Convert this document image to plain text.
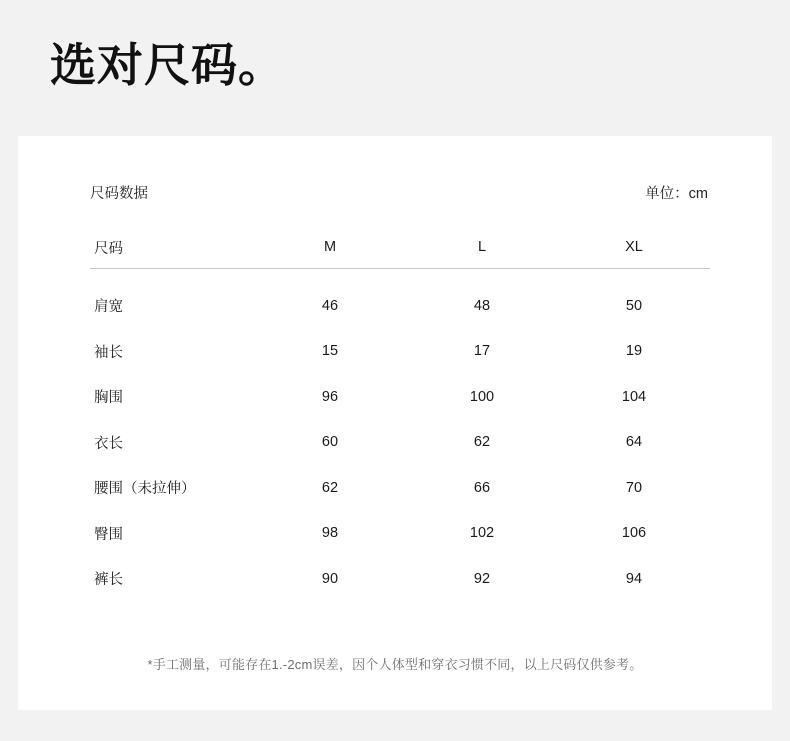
选对尺码。
尺码数据	单位：cm
尺码	M	L	XL
肩宽	46	48	50
袖长	15	17	19
胸围	96	100	104
衣长	60	62	64
腰围（未拉伸）	62	66	70
臀围	98	102	106
裤长	90	92	94
*手工测量，可能存在1.-2cm误差，因个人体型和穿衣习惯不同，以上尺码仅供参考。
